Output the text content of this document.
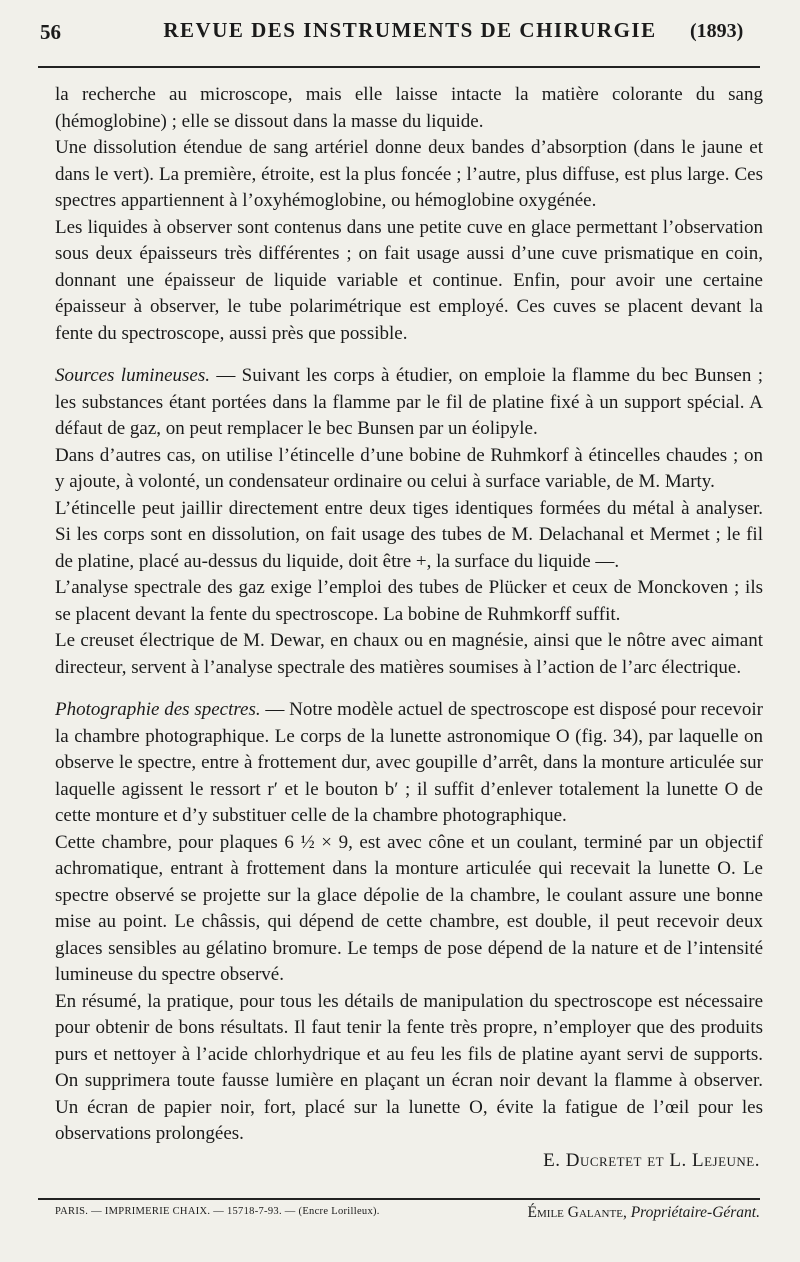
56	REVUE DES INSTRUMENTS DE CHIRURGIE	(1893)

la recherche au microscope, mais elle laisse intacte la matière colorante du sang (hémoglobine) ; elle se dissout dans la masse du liquide.

Une dissolution étendue de sang artériel donne deux bandes d’absorption (dans le jaune et dans le vert). La première, étroite, est la plus foncée ; l’autre, plus diffuse, est plus large. Ces spectres appartiennent à l’oxyhémoglobine, ou hémoglobine oxygénée.

Les liquides à observer sont contenus dans une petite cuve en glace permettant l’observation sous deux épaisseurs très différentes ; on fait usage aussi d’une cuve prismatique en coin, donnant une épaisseur de liquide variable et continue. Enfin, pour avoir une certaine épaisseur à observer, le tube polarimétrique est employé. Ces cuves se placent devant la fente du spectroscope, aussi près que possible.

Sources lumineuses. — Suivant les corps à étudier, on emploie la flamme du bec Bunsen ; les substances étant portées dans la flamme par le fil de platine fixé à un support spécial. A défaut de gaz, on peut remplacer le bec Bunsen par un éolipyle.

Dans d’autres cas, on utilise l’étincelle d’une bobine de Ruhmkorf à étincelles chaudes ; on y ajoute, à volonté, un condensateur ordinaire ou celui à surface variable, de M. Marty.

L’étincelle peut jaillir directement entre deux tiges identiques formées du métal à analyser. Si les corps sont en dissolution, on fait usage des tubes de M. Delachanal et Mermet ; le fil de platine, placé au-dessus du liquide, doit être +, la surface du liquide —.

L’analyse spectrale des gaz exige l’emploi des tubes de Plücker et ceux de Monckoven ; ils se placent devant la fente du spectroscope. La bobine de Ruhmkorff suffit.

Le creuset électrique de M. Dewar, en chaux ou en magnésie, ainsi que le nôtre avec aimant directeur, servent à l’analyse spectrale des matières soumises à l’action de l’arc électrique.

Photographie des spectres. — Notre modèle actuel de spectroscope est disposé pour recevoir la chambre photographique. Le corps de la lunette astronomique O (fig. 34), par laquelle on observe le spectre, entre à frottement dur, avec goupille d’arrêt, dans la monture articulée sur laquelle agissent le ressort r′ et le bouton b′ ; il suffit d’enlever totalement la lunette O de cette monture et d’y substituer celle de la chambre photographique.

Cette chambre, pour plaques 6 ½ × 9, est avec cône et un coulant, terminé par un objectif achromatique, entrant à frottement dans la monture articulée qui recevait la lunette O. Le spectre observé se projette sur la glace dépolie de la chambre, le coulant assure une bonne mise au point. Le châssis, qui dépend de cette chambre, est double, il peut recevoir deux glaces sensibles au gélatino bromure. Le temps de pose dépend de la nature et de l’intensité lumineuse du spectre observé.

En résumé, la pratique, pour tous les détails de manipulation du spectroscope est nécessaire pour obtenir de bons résultats. Il faut tenir la fente très propre, n’employer que des produits purs et nettoyer à l’acide chlorhydrique et au feu les fils de platine ayant servi de supports. On supprimera toute fausse lumière en plaçant un écran noir devant la flamme à observer. Un écran de papier noir, fort, placé sur la lunette O, évite la fatigue de l’œil pour les observations prolongées.

E. Ducretet et L. Lejeune.
PARIS. — IMPRIMERIE CHAIX. — 15718-7-93. — (Encre Lorilleux).	Émile Galante, Propriétaire-Gérant.
